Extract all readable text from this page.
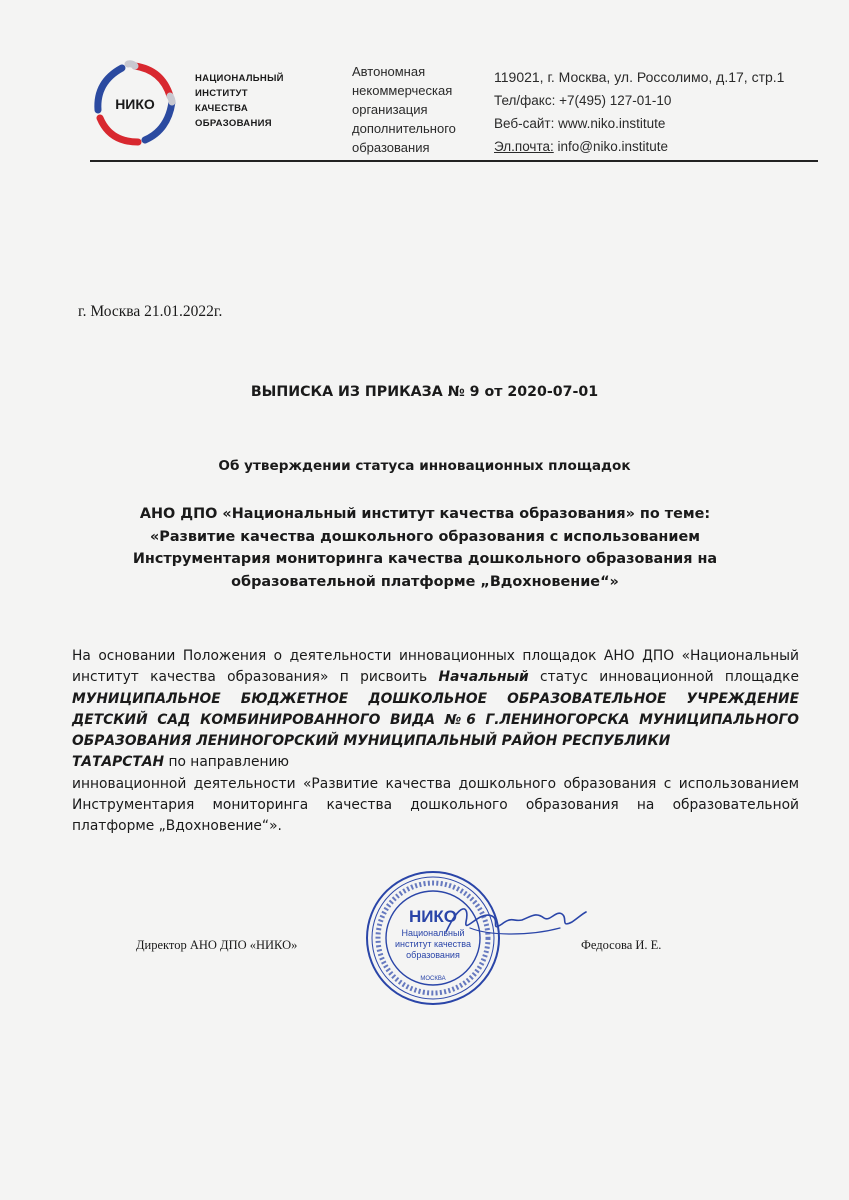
НИКО
НАЦИОНАЛЬНЫЙ
ИНСТИТУТ
КАЧЕСТВА
ОБРАЗОВАНИЯ
Автономная
некоммерческая
организация
дополнительного
образования
119021, г. Москва, ул. Россолимо, д.17, стр.1
Тел/факс: +7(495) 127-01-10
Веб-сайт: www.niko.institute
Эл.почта: info@niko.institute
г. Москва 21.01.2022г.
ВЫПИСКА ИЗ ПРИКАЗА № 9 от 2020-07-01
Об утверждении статуса инновационных площадок
АНО ДПО «Национальный институт качества образования» по теме:
«Развитие качества дошкольного образования с использованием
Инструментария мониторинга качества дошкольного образования на
образовательной платформе „Вдохновение“»

На основании Положения о деятельности инновационных площадок АНО ДПО «Национальный институт качества образования» п рисвоить Начальный статус инновационной площадке МУНИЦИПАЛЬНОЕ БЮДЖЕТНОЕ ДОШКОЛЬНОЕ ОБРАЗОВАТЕЛЬНОЕ УЧРЕЖДЕНИЕ ДЕТСКИЙ САД КОМБИНИРОВАННОГО ВИДА №6 Г.ЛЕНИНОГОРСКА МУНИЦИПАЛЬНОГО ОБРАЗОВАНИЯ ЛЕНИНОГОРСКИЙ МУНИЦИПАЛЬНЫЙ РАЙОН РЕСПУБЛИКИ

ТАТАРСТАН по направлению

инновационной деятельности «Развитие качества дошкольного образования с использованием Инструментария мониторинга качества дошкольного образования на образовательной платформе „Вдохновение“».

Директор АНО ДПО «НИКО»	Федосова И. Е.
НИКО
Национальный
институт качества
образования
МОСКВА
